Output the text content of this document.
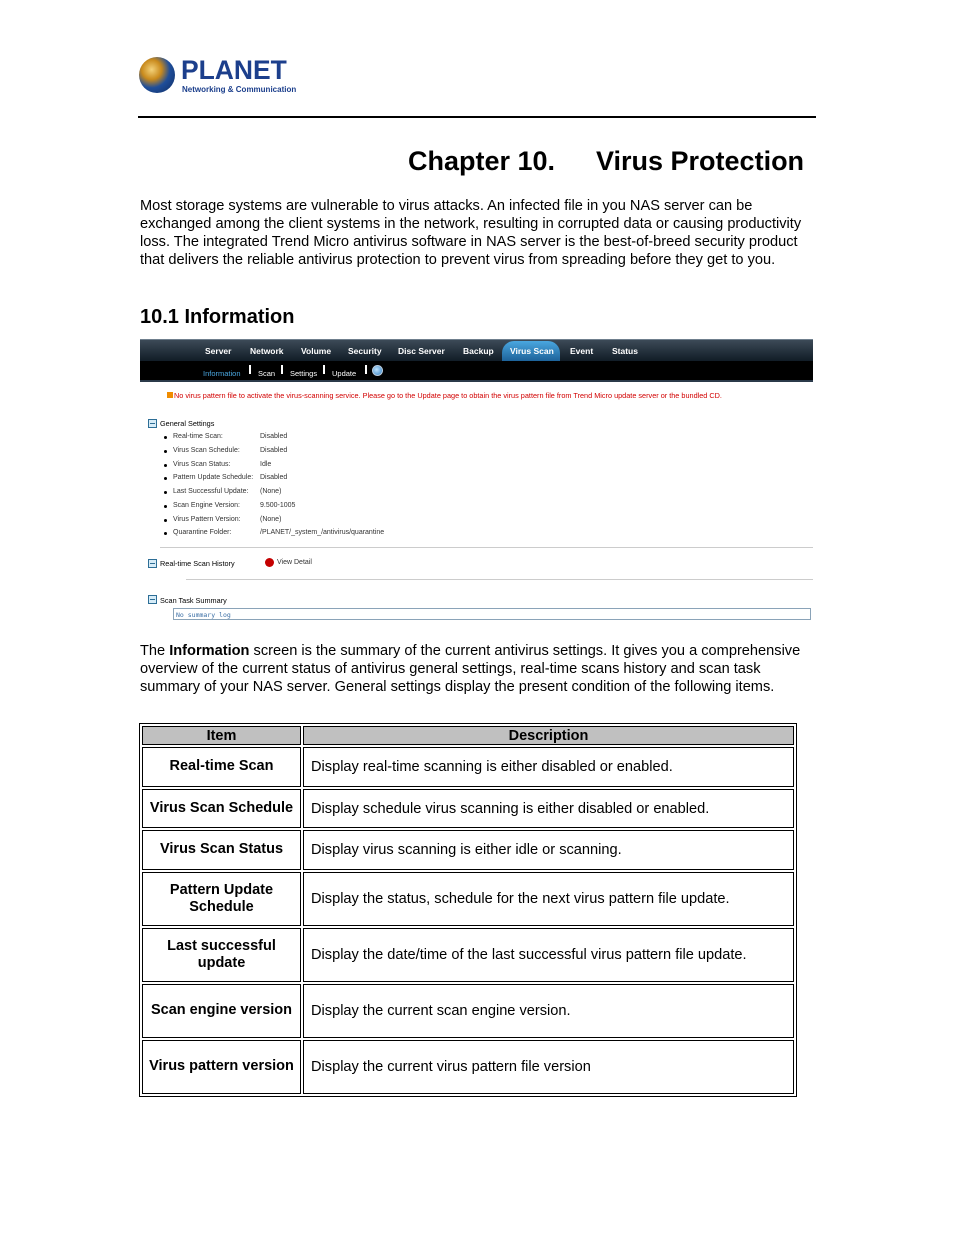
PLANET
Networking & Communication
Chapter 10. Virus Protection
Most storage systems are vulnerable to virus attacks. An infected file in you NAS server can be exchanged among the client systems in the network, resulting in corrupted data or causing productivity loss. The integrated Trend Micro antivirus software in NAS server is the best-of-breed security product that delivers the reliable antivirus protection to prevent virus from spreading before they get to you.
10.1 Information
Server Network Volume Security Disc Server Backup Virus Scan Event Status
Information Scan Settings Update
No virus pattern file to activate the virus-scanning service. Please go to the Update page to obtain the virus pattern file from Trend Micro update server or the bundled CD.
General Settings
Real-time Scan:	Disabled
Virus Scan Schedule:	Disabled
Virus Scan Status:	Idle
Pattern Update Schedule: Disabled
Last Successful Update: (None)
Scan Engine Version:	9.500-1005
Virus Pattern Version:	(None)
Quarantine Folder:	/PLANET/_system_/antivirus/quarantine
Real-time Scan History	View Detail
Scan Task Summary
No summary log
The Information screen is the summary of the current antivirus settings. It gives you a comprehensive overview of the current status of antivirus general settings, real-time scans history and scan task summary of your NAS server. General settings display the present condition of the following items.
Item	Description
Real-time Scan	Display real-time scanning is either disabled or enabled.
Virus Scan Schedule	Display schedule virus scanning is either disabled or enabled.
Virus Scan Status	Display virus scanning is either idle or scanning.
Pattern Update Schedule	Display the status, schedule for the next virus pattern file update.
Last successful update	Display the date/time of the last successful virus pattern file update.
Scan engine version	Display the current scan engine version.
Virus pattern version	Display the current virus pattern file version
